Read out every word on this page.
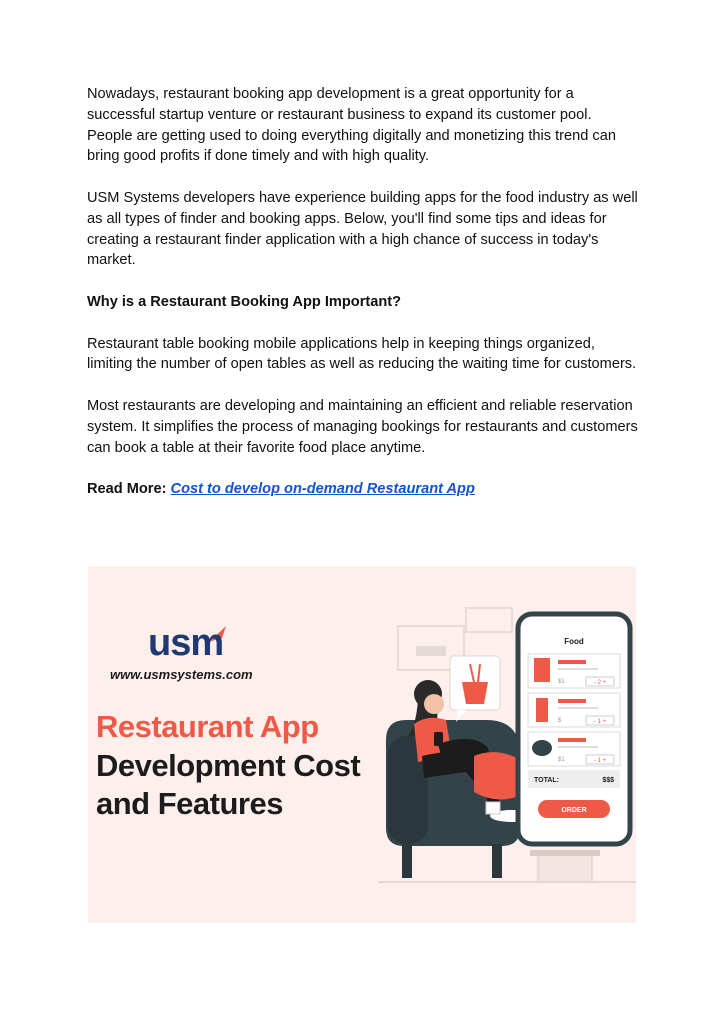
Nowadays, restaurant booking app development is a great opportunity for a successful startup venture or restaurant business to expand its customer pool. People are getting used to doing everything digitally and monetizing this trend can bring good profits if done timely and with high quality.

USM Systems developers have experience building apps for the food industry as well as all types of finder and booking apps. Below, you'll find some tips and ideas for creating a restaurant finder application with a high chance of success in today's market.

Why is a Restaurant Booking App Important?

Restaurant table booking mobile applications help in keeping things organized, limiting the number of open tables as well as reducing the waiting time for customers.

Most restaurants are developing and maintaining an efficient and reliable reservation system. It simplifies the process of managing bookings for restaurants and customers can book a table at their favorite food place anytime.

Read More: Cost to develop on-demand Restaurant App

usm
www.usmsystems.com
Restaurant App
Development Cost
and Features
Food
$1	- 2 +
$	- 1 +
$1	- 1 +
TOTAL:	$$$
ORDER
